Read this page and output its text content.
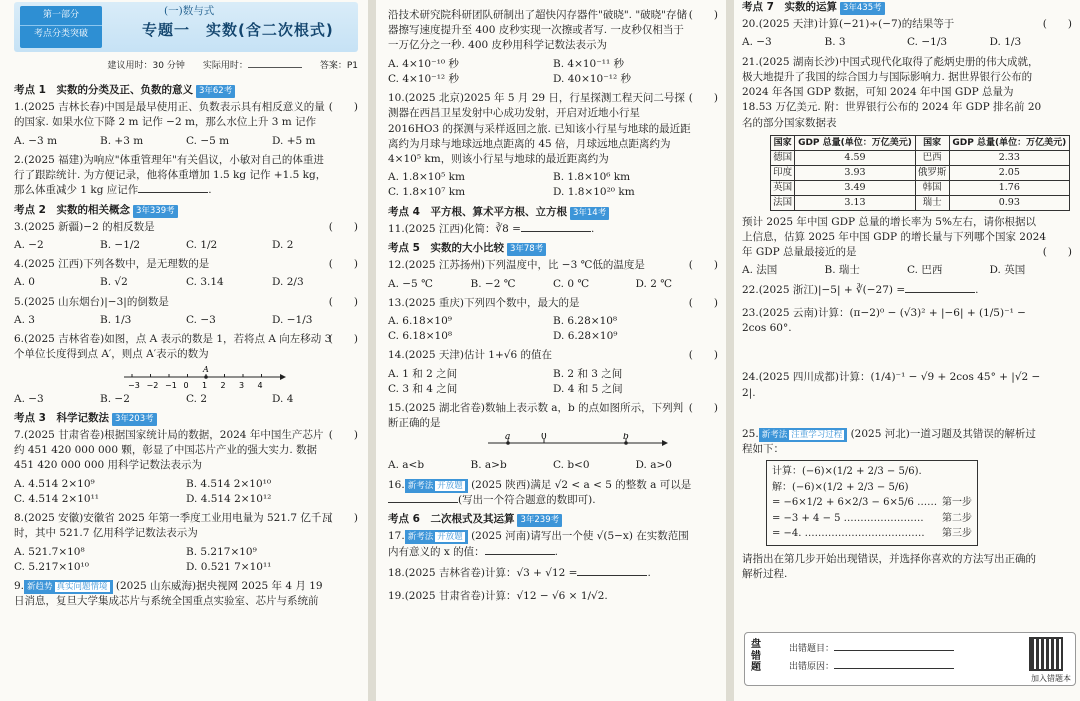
第一部分
考点分类突破
(一)数与式
专题一　实数(含二次根式)
建议用时：30 分钟 实际用时：	答案：P1
考点 1　实数的分类及正、负数的意义 3年62考
1.(2025 吉林长春)中国是最早使用正、负数表示具有相反意义的量的国家. 如果水位下降 2 m 记作 −2 m，那么水位上升 3 m 记作
(　　)
A. −3 m	B. +3 m	C. −5 m	D. +5 m
2.(2025 福建)为响应"体重管理年"有关倡议，小敏对自己的体重进行了跟踪统计. 为方便记录，他将体重增加 1.5 kg 记作 +1.5 kg，那么体重减少 1 kg 应记作	.
考点 2　实数的相关概念 3年339考
3.(2025 新疆)−2 的相反数是	(　　)
A. −2	B. −1/2	C. 1/2	D. 2
4.(2025 江西)下列各数中，是无理数的是	(　　)
A. 0	B. √2	C. 3.14	D. 2/3
5.(2025 山东烟台)|−3|的倒数是	(　　)
A. 3	B. 1/3	C. −3	D. −1/3
6.(2025 吉林省卷)如图，点 A 表示的数是 1，若将点 A 向左移动 3 个单位长度得到点 A′，则点 A′表示的数为
(　　)
−3 −2 −1 0 1
A
2 3 4
A. −3	B. −2	C. 2	D. 4
考点 3　科学记数法 3年203考
7.(2025 甘肃省卷)根据国家统计局的数据，2024 年中国生产芯片约 451 420 000 000 颗，彰显了中国芯片产业的强大实力. 数据 451 420 000 000 用科学记数法表示为
(　　)
A. 4.514 2×10⁹	B. 4.514 2×10¹⁰
C. 4.514 2×10¹¹	D. 4.514 2×10¹²
8.(2025 安徽)安徽省 2025 年第一季度工业用电量为 521.7 亿千瓦时，其中 521.7 亿用科学记数法表示为
(　　)
A. 521.7×10⁸	B. 5.217×10⁹
C. 5.217×10¹⁰	D. 0.521 7×10¹¹
9. 新趋势 真实问题情境 (2025 山东威海)据央视网 2025 年 4 月 19 日消息，复旦大学集成芯片与系统全国重点实验室、芯片与系统前
沿技术研究院科研团队研制出了超快闪存器件"破晓". "破晓"存储器擦写速度提升至 400 皮秒实现一次擦或者写. 一皮秒仅相当于一万亿分之一秒. 400 皮秒用科学记数法表示为
(　　)
A. 4×10⁻¹⁰ 秒	B. 4×10⁻¹¹ 秒
C. 4×10⁻¹² 秒	D. 40×10⁻¹² 秒
10.(2025 北京)2025 年 5 月 29 日，行星探测工程天问二号探测器在西昌卫星发射中心成功发射，开启对近地小行星 2016HO3 的探测与采样返回之旅. 已知该小行星与地球的最近距离约为月球与地球远地点距离的 45 倍，月球远地点距离约为 4×10⁵ km，则该小行星与地球的最近距离约为
(　　)
A. 1.8×10⁵ km	B. 1.8×10⁶ km
C. 1.8×10⁷ km	D. 1.8×10²⁰ km
考点 4　平方根、算术平方根、立方根 3年14考
11.(2025 江西)化简：∛8 =	.
考点 5　实数的大小比较 3年78考
12.(2025 江苏扬州)下列温度中，比 −3 ℃低的温度是	(　　)
A. −5 ℃	B. −2 ℃	C. 0 ℃	D. 2 ℃
13.(2025 重庆)下列四个数中，最大的是	(　　)
A. 6.18×10⁹	B. 6.28×10⁸
C. 6.18×10⁸	D. 6.28×10⁹
14.(2025 天津)估计 1+√6 的值在	(　　)
A. 1 和 2 之间	B. 2 和 3 之间
C. 3 和 4 之间	D. 4 和 5 之间
15.(2025 湖北省卷)数轴上表示数 a，b 的点如图所示，下列判断正确的是
(　　)
a	0	b
A. a<b	B. a>b	C. b<0	D. a>0
16. 新考法 开放题 (2025 陕西)满足 √2 < a < 5 的整数 a 可以是(写出一个符合题意的数即可).
考点 6　二次根式及其运算 3年239考
17. 新考法 开放题 (2025 河南)请写出一个使 √(5−x) 在实数范围内有意义的 x 的值：	.
18.(2025 吉林省卷)计算：√3 + √12 =	.
19.(2025 甘肃省卷)计算：√12 − √6 × 1/√2.
考点 7　实数的运算 3年435考
20.(2025 天津)计算(−21)÷(−7)的结果等于	(　　)
A. −3	B. 3	C. −1/3	D. 1/3
21.(2025 湖南长沙)中国式现代化取得了彪炳史册的伟大成就，极大地提升了我国的综合国力与国际影响力. 据世界银行公布的 2024 年各国 GDP 数据，可知 2024 年中国 GDP 总量为 18.53 万亿美元. 附：世界银行公布的 2024 年 GDP 排名前 20 名的部分国家数据表
国家	GDP 总量(单位：万亿美元)	国家	GDP 总量(单位：万亿美元)
德国	4.59	巴西	2.33
印度	3.93	俄罗斯	2.05
英国	3.49	韩国	1.76
法国	3.13	瑞士	0.93
预计 2025 年中国 GDP 总量的增长率为 5%左右，请你根据以上信息，估算 2025 年中国 GDP 的增长量与下列哪个国家 2024 年 GDP 总量最接近的是	(　　)
A. 法国	B. 瑞士	C. 巴西	D. 英国
22.(2025 浙江)|−5| + ∛(−27) =	.
23.(2025 云南)计算：(π−2)⁰ − (√3)² + |−6| + (1/5)⁻¹ − 2cos 60°.
24.(2025 四川成都)计算：(1/4)⁻¹ − √9 + 2cos 45° + |√2 − 2|.
25. 新考法 注重学习过程 (2025 河北)一道习题及其错误的解析过程如下：
计算：(−6)×(1/2 + 2/3 − 5/6).
解：(−6)×(1/2 + 2/3 − 5/6)
= −6×1/2 + 6×2/3 − 6×5/6 …… 第一步
= −3 + 4 − 5 …………………… 第二步
= −4. ……………………………… 第三步
请指出在第几步开始出现错误，并选择你喜欢的方法写出正确的解析过程.
盘错题
出错题目：
出错原因：
加入错题本
